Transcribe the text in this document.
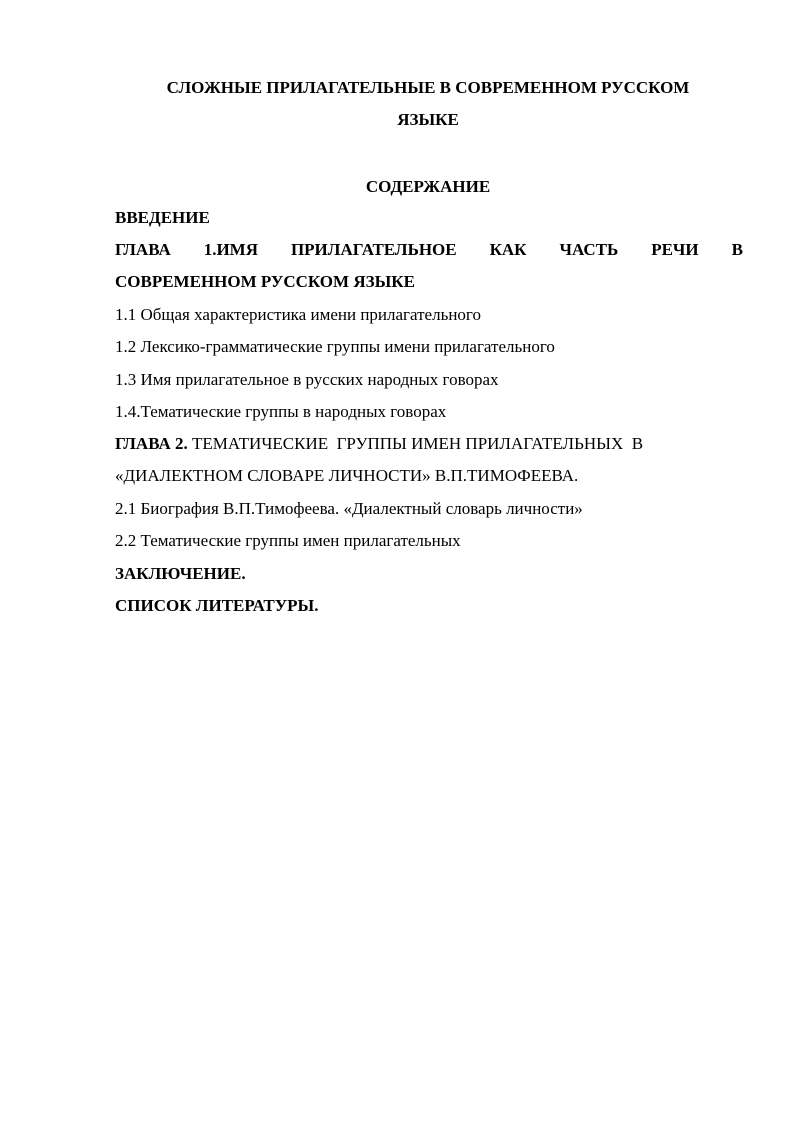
СЛОЖНЫЕ ПРИЛАГАТЕЛЬНЫЕ В СОВРЕМЕННОМ РУССКОМ
ЯЗЫКЕ
СОДЕРЖАНИЕ
ВВЕДЕНИЕ
ГЛАВА 1.ИМЯ ПРИЛАГАТЕЛЬНОЕ КАК ЧАСТЬ РЕЧИ В
СОВРЕМЕННОМ РУССКОМ ЯЗЫКЕ
1.1 Общая характеристика имени прилагательного
1.2 Лексико-грамматические группы имени прилагательного
1.3 Имя прилагательное в русских народных говорах
1.4.Тематические группы в народных говорах
ГЛАВА 2. ТЕМАТИЧЕСКИЕ  ГРУППЫ ИМЕН ПРИЛАГАТЕЛЬНЫХ  В
«ДИАЛЕКТНОМ СЛОВАРЕ ЛИЧНОСТИ» В.П.ТИМОФЕЕВА.
2.1 Биография В.П.Тимофеева. «Диалектный словарь личности»
2.2 Тематические группы имен прилагательных
ЗАКЛЮЧЕНИЕ.
СПИСОК ЛИТЕРАТУРЫ.
